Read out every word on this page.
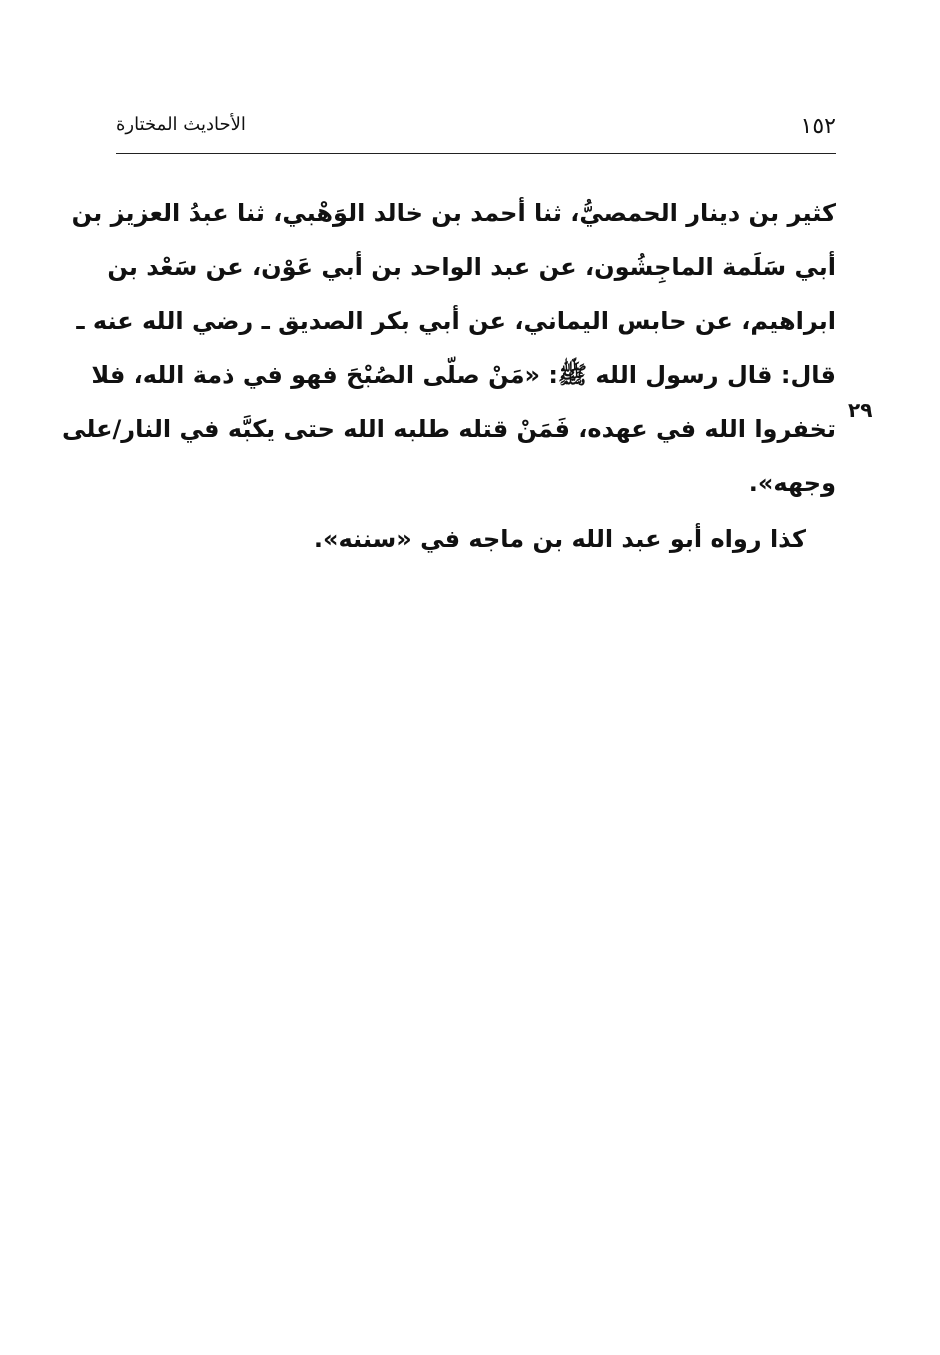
١٥٢
الأحاديث المختارة
كثير بن دينار الحمصيُّ، ثنا أحمد بن خالد الوَهْبي، ثنا عبدُ العزيز بن
أبي سَلَمة الماجِشُون، عن عبد الواحد بن أبي عَوْن، عن سَعْد بن
ابراهيم، عن حابس اليماني، عن أبي بكر الصديق ـ رضي الله عنه ـ
قال: قال رسول الله ﷺ: «مَنْ صلّى الصُبْحَ فهو في ذمة الله، فلا
تخفروا الله في عهده، فَمَنْ قتله طلبه الله حتى يكبَّه في النار/على
وجهه».
٢٩
كذا رواه أبو عبد الله بن ماجه في «سننه».
